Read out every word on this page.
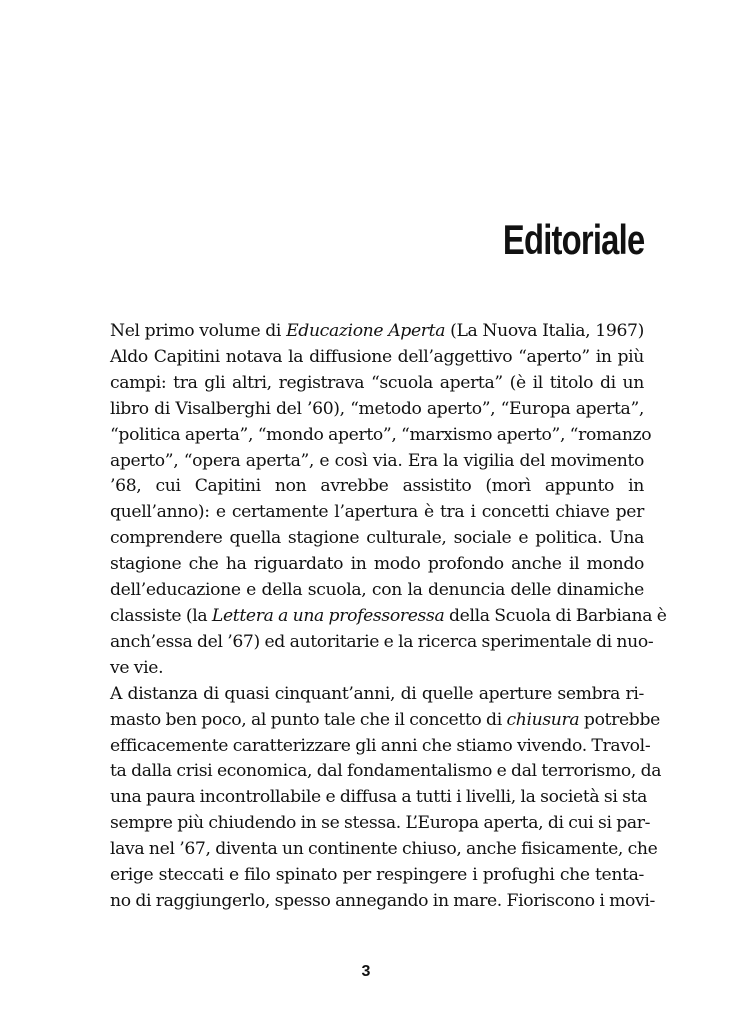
Editoriale

Nel primo volume di Educazione Aperta (La Nuova Italia, 1967)
Aldo Capitini notava la diffusione dell’aggettivo “aperto” in più
campi: tra gli altri, registrava “scuola aperta” (è il titolo di un
libro di Visalberghi del ’60), “metodo aperto”, “Europa aperta”,
“politica aperta”, “mondo aperto”, “marxismo aperto”, “romanzo
aperto”, “opera aperta”, e così via. Era la vigilia del movimento
’68, cui Capitini non avrebbe assistito (morì appunto in
quell’anno): e certamente l’apertura è tra i concetti chiave per
comprendere quella stagione culturale, sociale e politica. Una
stagione che ha riguardato in modo profondo anche il mondo
dell’educazione e della scuola, con la denuncia delle dinamiche
classiste (la Lettera a una professoressa della Scuola di Barbiana è
anch’essa del ’67) ed autoritarie e la ricerca sperimentale di nuo-
ve vie.

A distanza di quasi cinquant’anni, di quelle aperture sembra ri-
masto ben poco, al punto tale che il concetto di chiusura potrebbe
efficacemente caratterizzare gli anni che stiamo vivendo. Travol-
ta dalla crisi economica, dal fondamentalismo e dal terrorismo, da
una paura incontrollabile e diffusa a tutti i livelli, la società si sta
sempre più chiudendo in se stessa. L’Europa aperta, di cui si par-
lava nel ’67, diventa un continente chiuso, anche fisicamente, che
erige steccati e filo spinato per respingere i profughi che tenta-
no di raggiungerlo, spesso annegando in mare. Fioriscono i movi-

3
